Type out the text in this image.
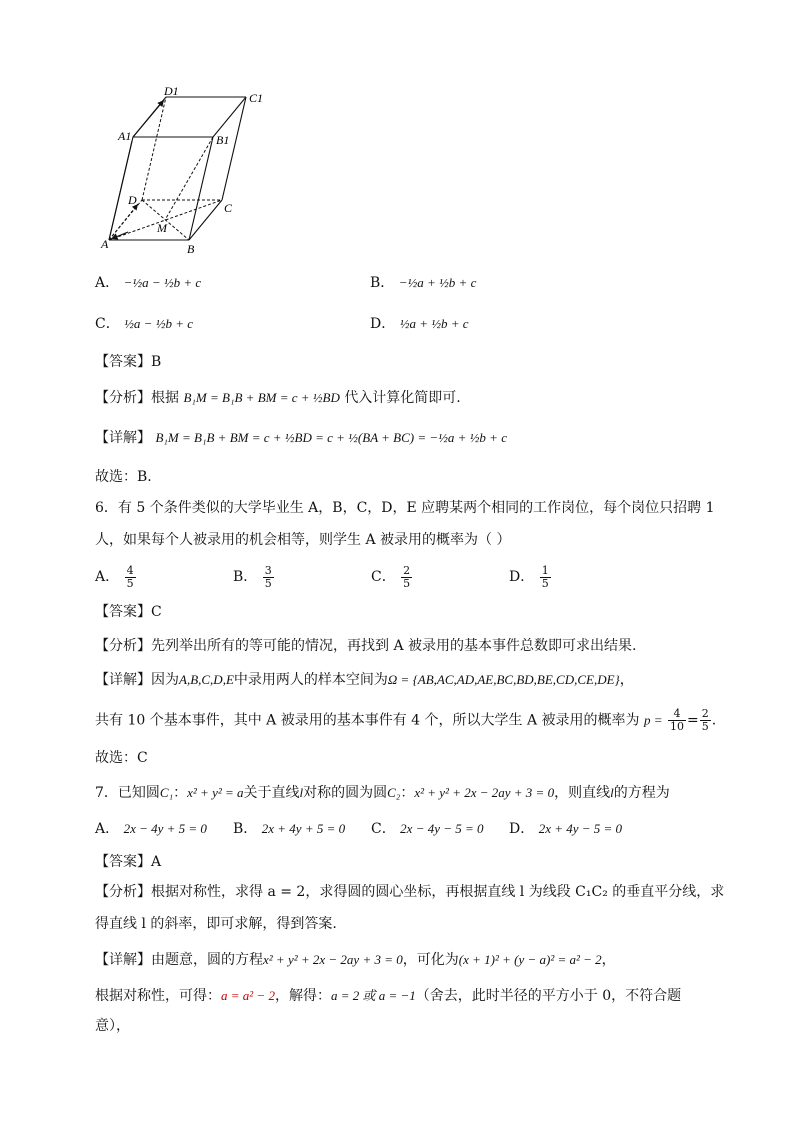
D1	C1
A1	B1
D
C
M
A	B
A． −½a − ½b + c	B． −½a + ½b + c
C． ½a − ½b + c	D． ½a + ½b + c
【答案】B
【分析】根据 B₁M = B₁B + BM = c + ½BD 代入计算化简即可.
【详解】 B₁M = B₁B + BM = c + ½BD = c + ½(BA + BC) = −½a + ½b + c
故选：B.
6．有 5 个条件类似的大学毕业生 A，B，C，D，E 应聘某两个相同的工作岗位，每个岗位只招聘 1
人，如果每个人被录用的机会相等，则学生 A 被录用的概率为（ ）
A． $\frac{4}{5}$	B． $\frac{3}{5}$	C． $\frac{2}{5}$	D． $\frac{1}{5}$
【答案】C
【分析】先列举出所有的等可能的情况，再找到 A 被录用的基本事件总数即可求出结果.
【详解】因为A,B,C,D,E中录用两人的样本空间为Ω = {AB,AC,AD,AE,BC,BD,BE,CD,CE,DE}，
共有 10 个基本事件，其中 A 被录用的基本事件有 4 个，所以大学生 A 被录用的概率为 $p = \frac{4}{10} = \frac{2}{5}$ .
故选：C
7．已知圆C₁：x² + y² = a关于直线l对称的圆为圆C₂：x² + y² + 2x − 2ay + 3 = 0，则直线l的方程为
A． 2x − 4y + 5 = 0 B． 2x + 4y + 5 = 0 C． 2x − 4y − 5 = 0 D． 2x + 4y − 5 = 0
【答案】A
【分析】根据对称性，求得 a = 2，求得圆的圆心坐标，再根据直线 l 为线段 C₁C₂ 的垂直平分线，求
得直线 l 的斜率，即可求解，得到答案.
【详解】由题意，圆的方程x² + y² + 2x − 2ay + 3 = 0，可化为(x + 1)² + (y − a)² = a² − 2，
根据对称性，可得：a = a² − 2，解得：a = 2 或 a = −1（舍去，此时半径的平方小于 0，不符合题
意），
